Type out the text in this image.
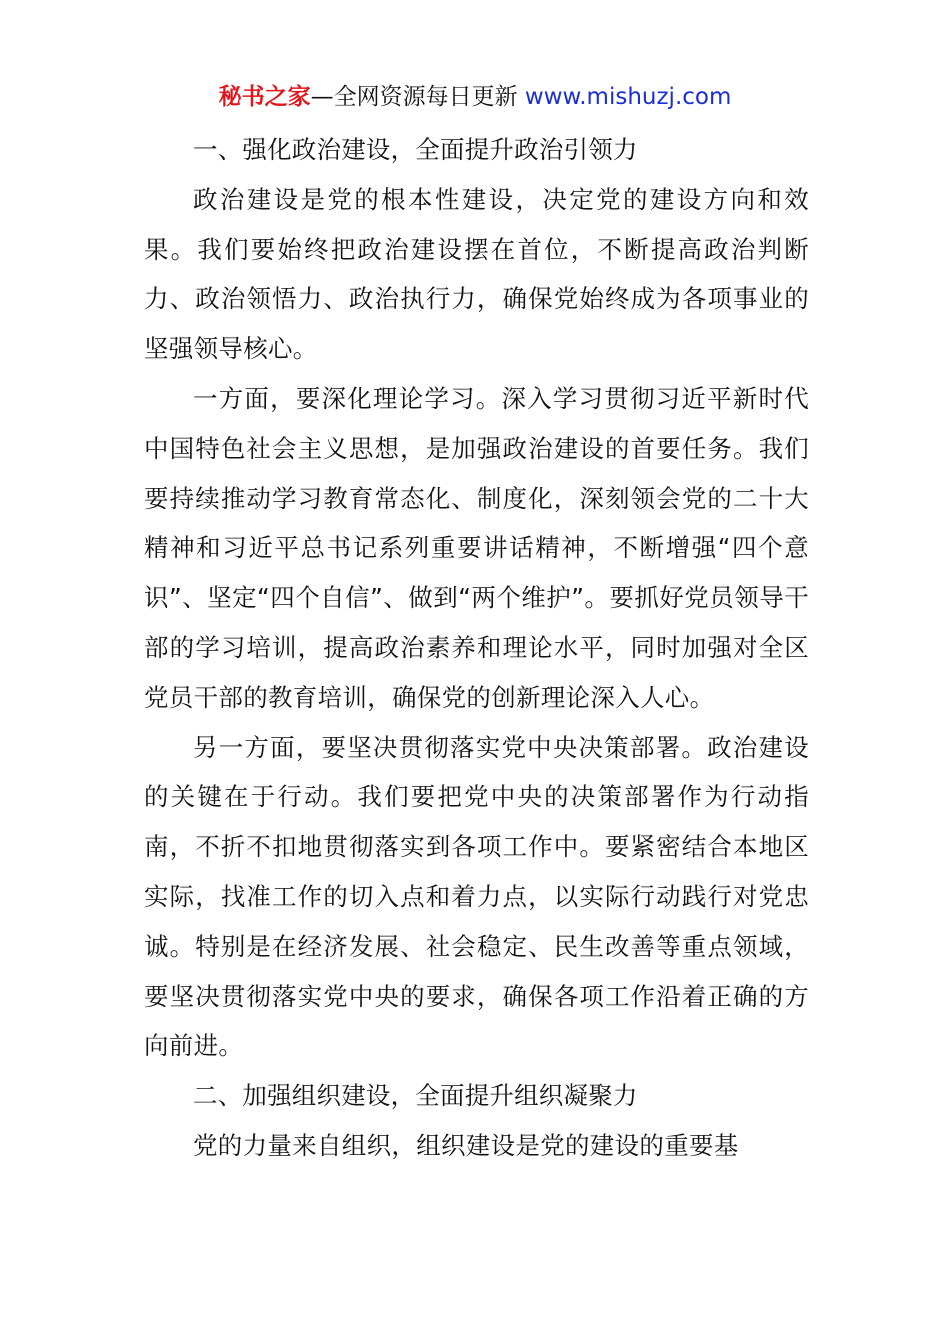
秘书之家—全网资源每日更新 www.mishuzj.com

一、强化政治建设，全面提升政治引领力

政治建设是党的根本性建设，决定党的建设方向和效果。我们要始终把政治建设摆在首位，不断提高政治判断力、政治领悟力、政治执行力，确保党始终成为各项事业的坚强领导核心。

一方面，要深化理论学习。深入学习贯彻习近平新时代中国特色社会主义思想，是加强政治建设的首要任务。我们要持续推动学习教育常态化、制度化，深刻领会党的二十大精神和习近平总书记系列重要讲话精神，不断增强“四个意识”、坚定“四个自信”、做到“两个维护”。要抓好党员领导干部的学习培训，提高政治素养和理论水平，同时加强对全区党员干部的教育培训，确保党的创新理论深入人心。

另一方面，要坚决贯彻落实党中央决策部署。政治建设的关键在于行动。我们要把党中央的决策部署作为行动指南，不折不扣地贯彻落实到各项工作中。要紧密结合本地区实际，找准工作的切入点和着力点，以实际行动践行对党忠诚。特别是在经济发展、社会稳定、民生改善等重点领域，要坚决贯彻落实党中央的要求，确保各项工作沿着正确的方向前进。

二、加强组织建设，全面提升组织凝聚力

党的力量来自组织，组织建设是党的建设的重要基
